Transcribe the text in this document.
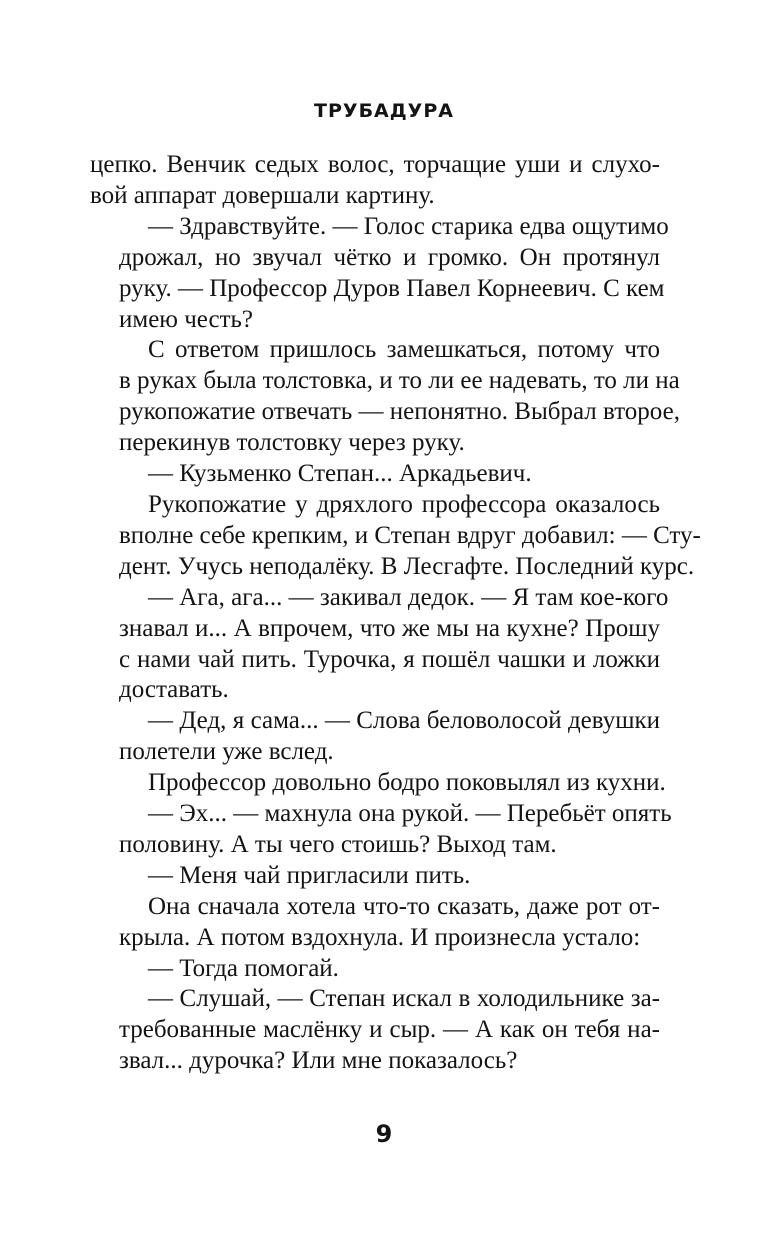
ТРУБАДУРА
цепко. Венчик седых волос, торчащие уши и слухо-
вой аппарат довершали картину.
— Здравствуйте. — Голос старика едва ощутимо
дрожал, но звучал чётко и громко. Он протянул
руку. — Профессор Дуров Павел Корнеевич. С кем
имею честь?
С ответом пришлось замешкаться, потому что
в руках была толстовка, и то ли ее надевать, то ли на
рукопожатие отвечать — непонятно. Выбрал второе,
перекинув толстовку через руку.
— Кузьменко Степан... Аркадьевич.
Рукопожатие у дряхлого профессора оказалось
вполне себе крепким, и Степан вдруг добавил: — Сту-
дент. Учусь неподалёку. В Лесгафте. Последний курс.
— Ага, ага... — закивал дедок. — Я там кое-кого
знавал и... А впрочем, что же мы на кухне? Прошу
с нами чай пить. Турочка, я пошёл чашки и ложки
доставать.
— Дед, я сама... — Слова беловолосой девушки
полетели уже вслед.
Профессор довольно бодро поковылял из кухни.
— Эх... — махнула она рукой. — Перебьёт опять
половину. А ты чего стоишь? Выход там.
— Меня чай пригласили пить.
Она сначала хотела что-то сказать, даже рот от-
крыла. А потом вздохнула. И произнесла устало:
— Тогда помогай.
— Слушай, — Степан искал в холодильнике за-
требованные маслёнку и сыр. — А как он тебя на-
звал... дурочка? Или мне показалось?
9
